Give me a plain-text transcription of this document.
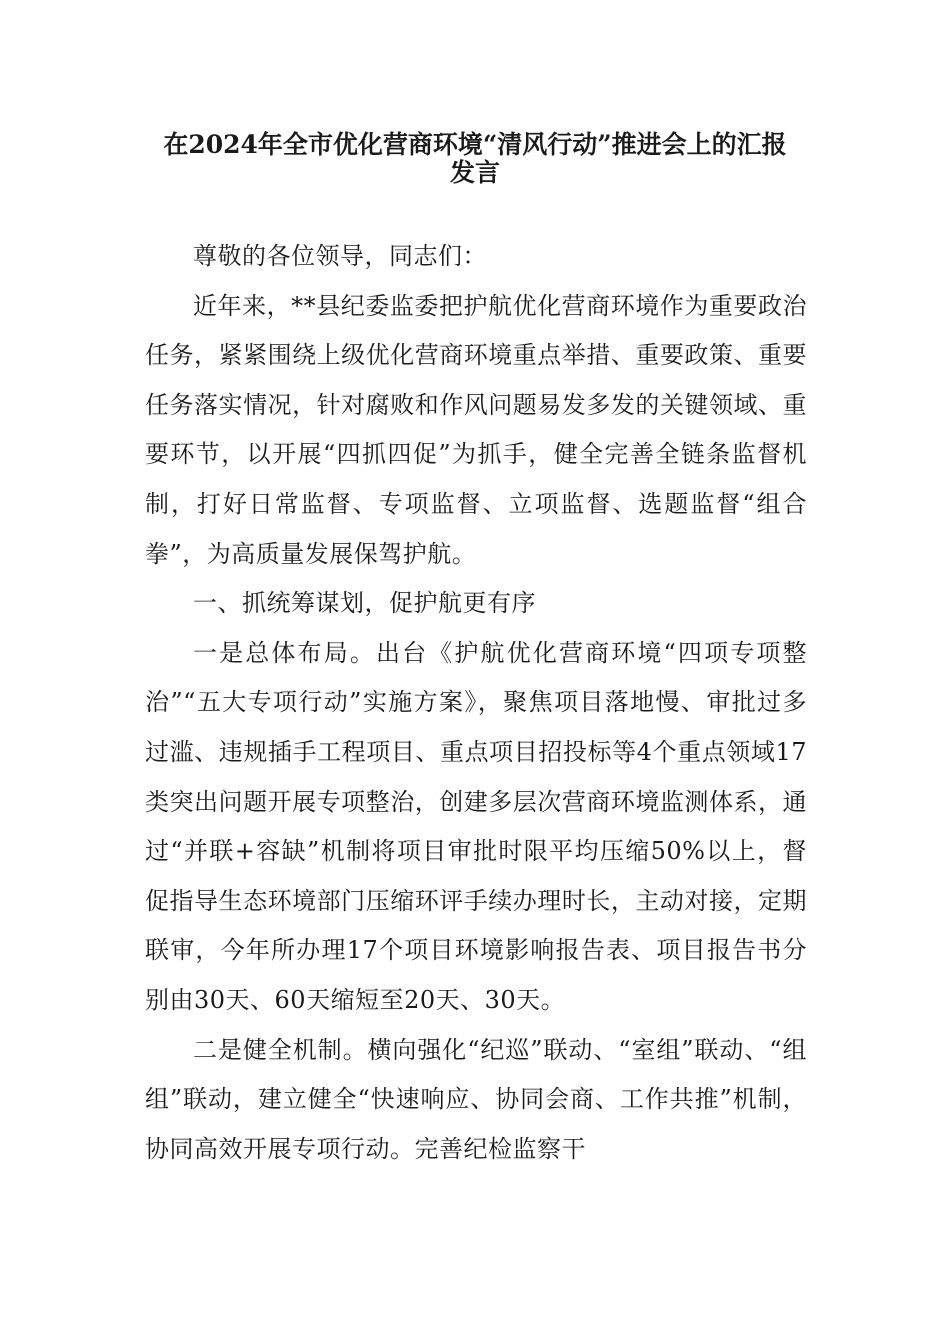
在2024年全市优化营商环境“清风行动”推进会上的汇报
发言

尊敬的各位领导，同志们：

近年来，**县纪委监委把护航优化营商环境作为重要政治任务，紧紧围绕上级优化营商环境重点举措、重要政策、重要任务落实情况，针对腐败和作风问题易发多发的关键领域、重要环节，以开展“四抓四促”为抓手，健全完善全链条监督机制，打好日常监督、专项监督、立项监督、选题监督“组合拳”，为高质量发展保驾护航。

一、抓统筹谋划，促护航更有序

一是总体布局。出台《护航优化营商环境“四项专项整治”“五大专项行动”实施方案》，聚焦项目落地慢、审批过多过滥、违规插手工程项目、重点项目招投标等4个重点领域17类突出问题开展专项整治，创建多层次营商环境监测体系，通过“并联+容缺”机制将项目审批时限平均压缩50%以上，督促指导生态环境部门压缩环评手续办理时长，主动对接，定期联审，今年所办理17个项目环境影响报告表、项目报告书分别由30天、60天缩短至20天、30天。

二是健全机制。横向强化“纪巡”联动、“室组”联动、“组组”联动，建立健全“快速响应、协同会商、工作共推”机制，协同高效开展专项行动。完善纪检监察干
